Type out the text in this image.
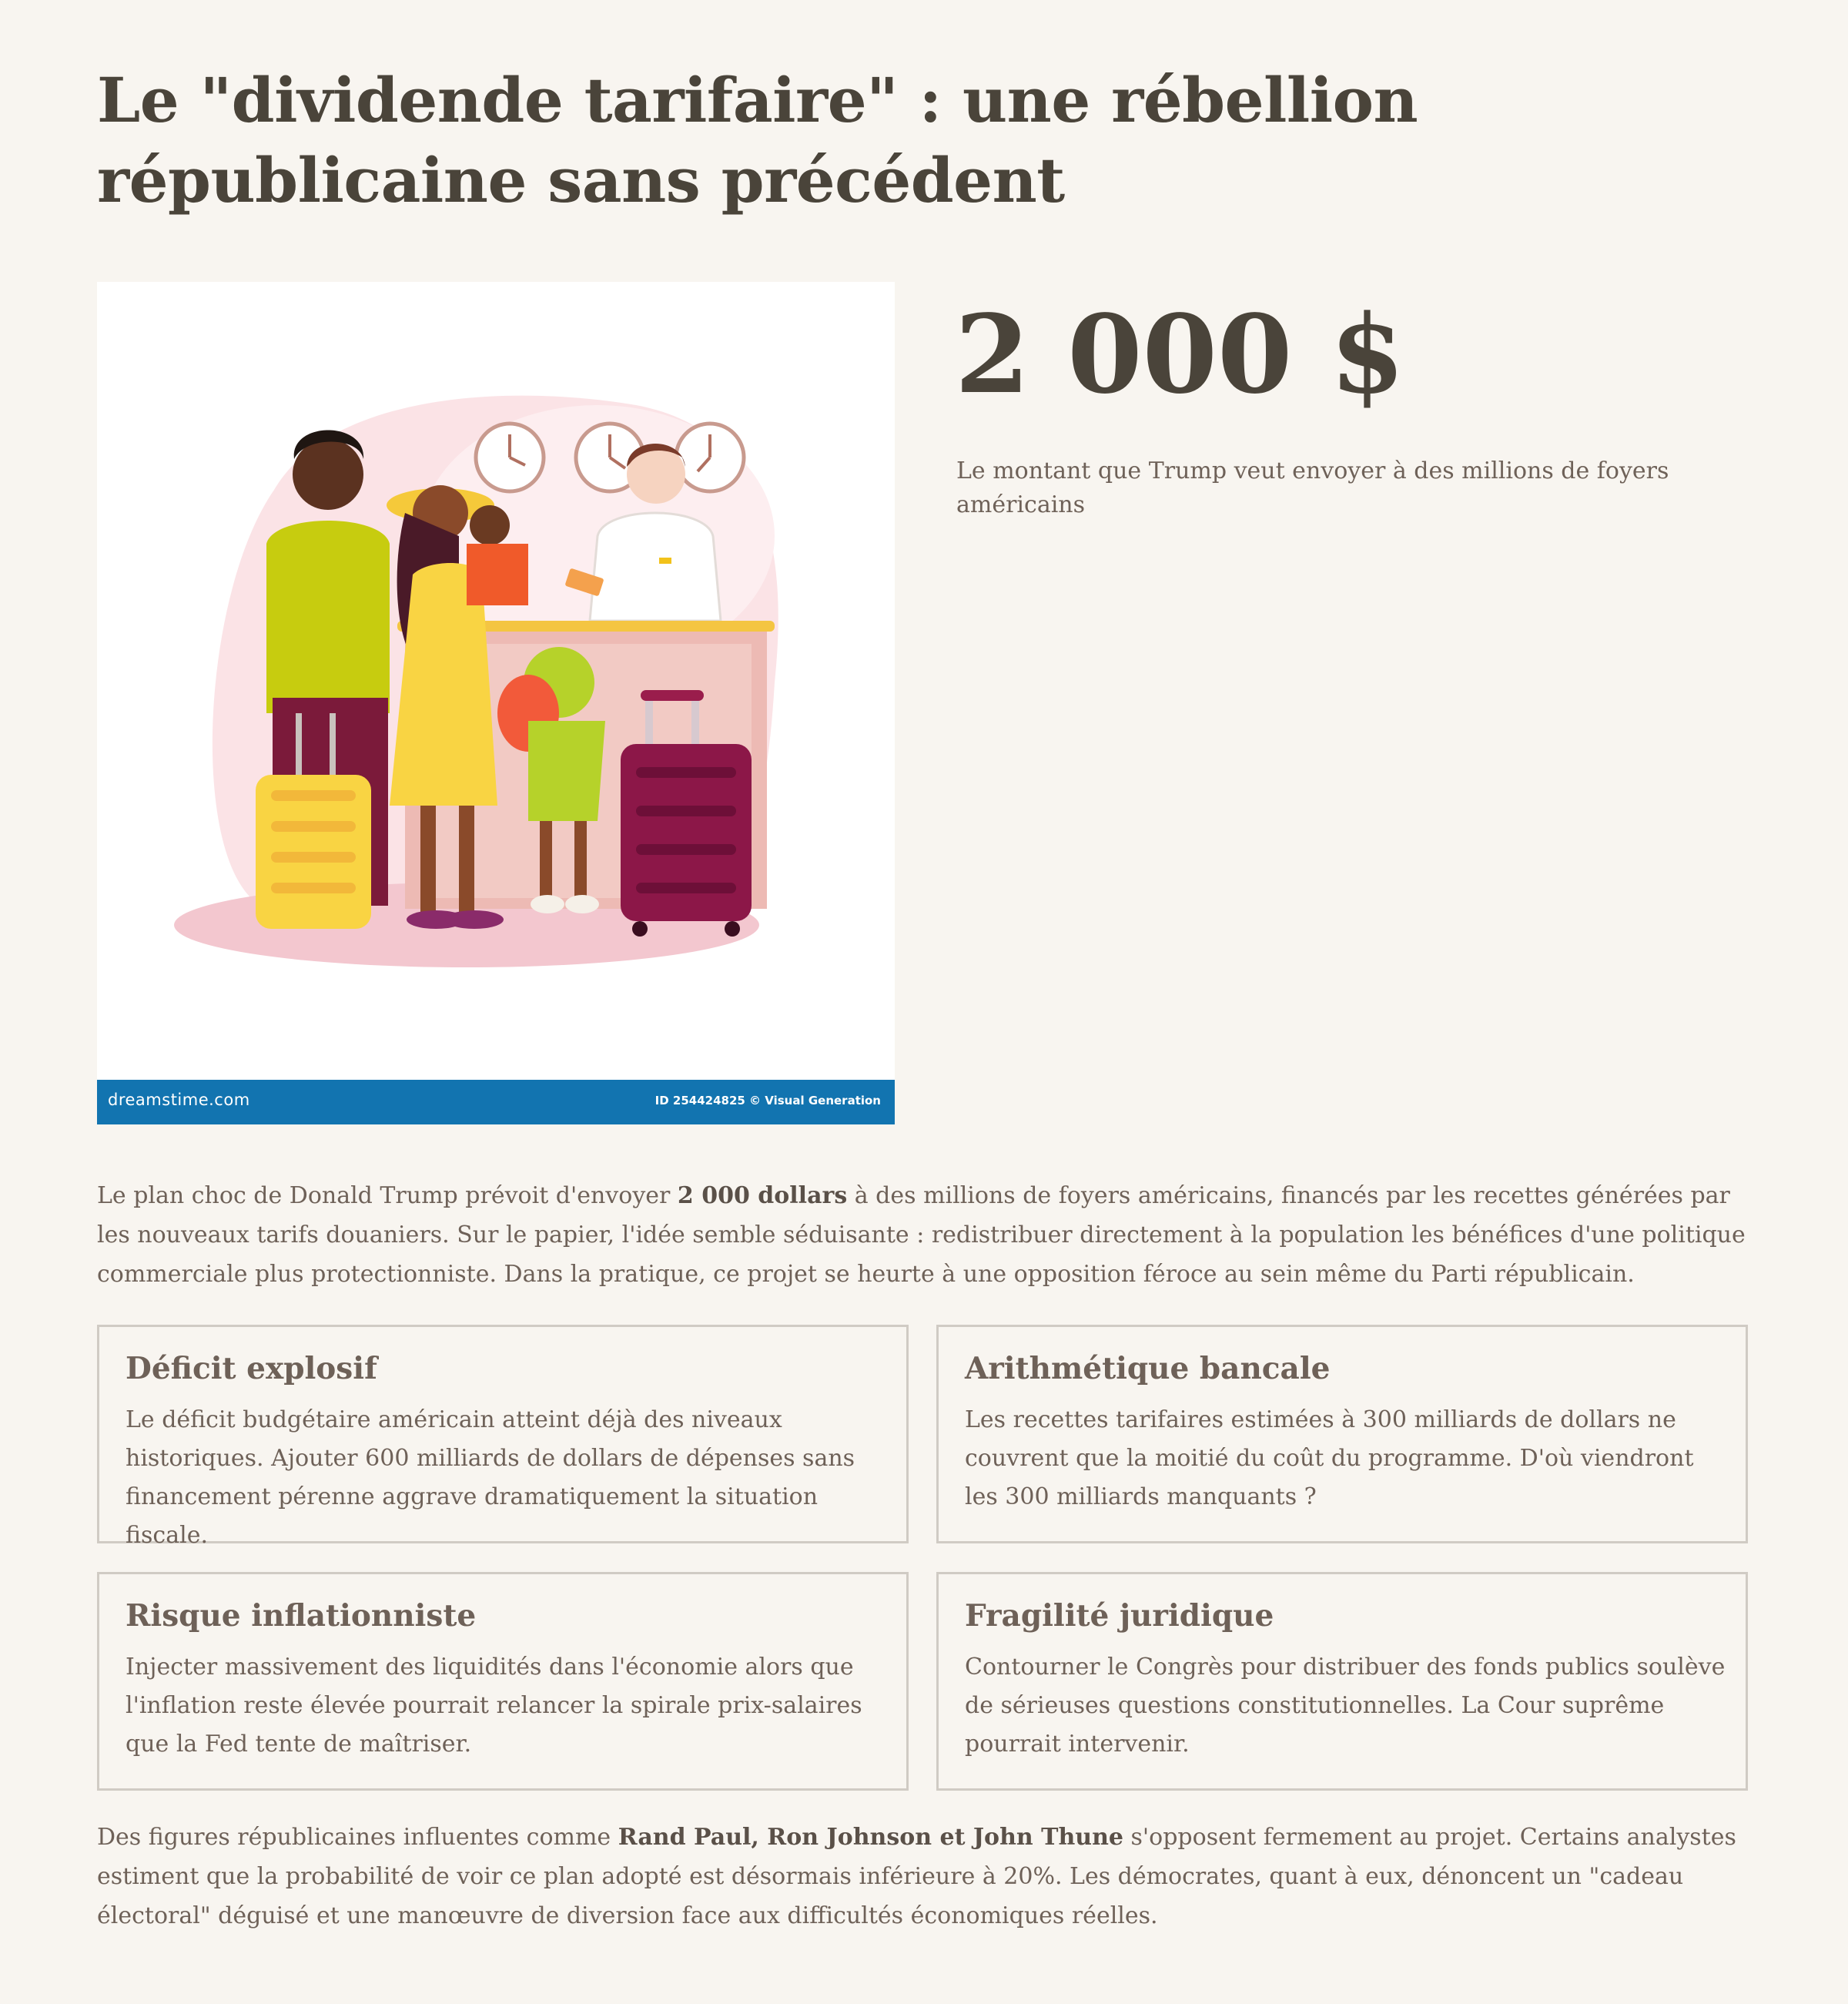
Le "dividende tarifaire" : une rébellion républicaine sans précédent
dreamstime.com	ID 254424825 © Visual Generation

2 000 $

Le montant que Trump veut envoyer à des millions de foyers américains

Le plan choc de Donald Trump prévoit d'envoyer 2 000 dollars à des millions de foyers américains, financés par les recettes générées par les nouveaux tarifs douaniers. Sur le papier, l'idée semble séduisante : redistribuer directement à la population les bénéfices d'une politique commerciale plus protectionniste. Dans la pratique, ce projet se heurte à une opposition féroce au sein même du Parti républicain.

Déficit explosif

Le déficit budgétaire américain atteint déjà des niveaux historiques. Ajouter 600 milliards de dollars de dépenses sans financement pérenne aggrave dramatiquement la situation fiscale.

Arithmétique bancale

Les recettes tarifaires estimées à 300 milliards de dollars ne couvrent que la moitié du coût du programme. D'où viendront les 300 milliards manquants ?

Risque inflationniste

Injecter massivement des liquidités dans l'économie alors que l'inflation reste élevée pourrait relancer la spirale prix-salaires que la Fed tente de maîtriser.

Fragilité juridique

Contourner le Congrès pour distribuer des fonds publics soulève de sérieuses questions constitutionnelles. La Cour suprême pourrait intervenir.

Des figures républicaines influentes comme Rand Paul, Ron Johnson et John Thune s'opposent fermement au projet. Certains analystes estiment que la probabilité de voir ce plan adopté est désormais inférieure à 20%. Les démocrates, quant à eux, dénoncent un "cadeau électoral" déguisé et une manœuvre de diversion face aux difficultés économiques réelles.
